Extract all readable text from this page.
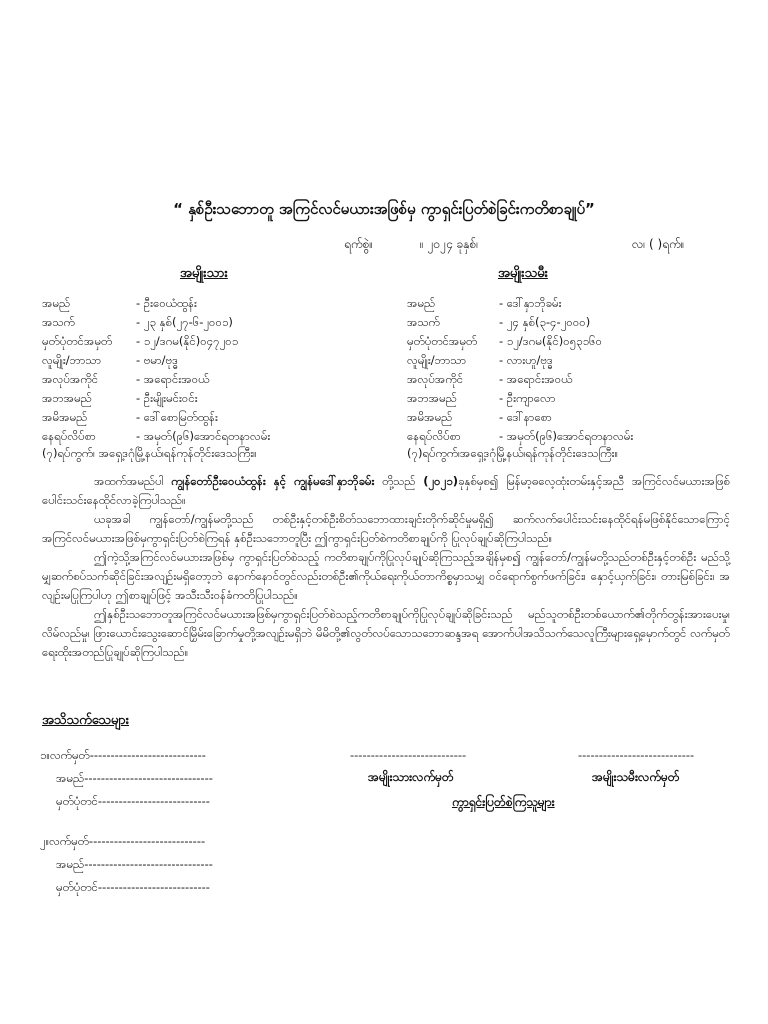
“ နှစ်ဦးသဘောတူ အကြင်လင်မယားအဖြစ်မှ ကွာရှင်းပြတ်စဲခြင်းကတိစာချုပ်”
ရက်စွဲ။	။ ၂၀၂၄ ခုနှစ်၊	လ၊ ( )ရက်။
အမျိုးသား	အမျိုးသမီး
အမည်	- ဦးဝေယံထွန်း
အသက်	- ၂၃ နှစ်(၂၇-၆-၂၀၀၁)
မှတ်ပုံတင်အမှတ် - ၁၂/ဒဂမ(နိုင်)၀၄၇၂၀၁
လူမျိုး/ဘာသာ	- ဗမာ/ဗုဒ္ဓ
အလုပ်အကိုင်	- အရောင်းအဝယ်
အဘအမည်	- ဦးမျိုးမင်းဝင်း
အမိအမည်	- ဒေါ်စောမြတ်ထွန်း
နေရပ်လိပ်စာ	- အမှတ်(၉၆)အောင်ရတနာလမ်း
(၇)ရပ်ကွက်၊ အရှေ့ဒဂုံမြို့နယ်၊ရန်ကုန်တိုင်းဒေသကြီး။
အမည်	- ဒေါ်နှာဘိုခမ်း
အသက်	- ၂၄ နှစ်(၃-၄-၂၀၀၀)
မှတ်ပုံတင်အမှတ် - ၁၂/ဒဂမ(နိုင်)၀၅၃၁၆၀
လူမျိုး/ဘာသာ	- လားဟူ/ဗုဒ္ဓ
အလုပ်အကိုင်	- အရောင်းအဝယ်
အဘအမည်	- ဦးကျာလော
အမိအမည်	- ဒေါ်နာစော
နေရပ်လိပ်စာ	- အမှတ်(၉၆)အောင်ရတနာလမ်း
(၇)ရပ်ကွက်၊အရှေ့ဒဂုံမြို့နယ်၊ရန်ကုန်တိုင်းဒေသကြီး။

အထက်အမည်ပါ ကျွန်တော်ဦးဝေယံထွန်း နှင့် ကျွန်မဒေါ်နှာဘိုခမ်း တို့သည် (၂၀၂၁)ခုနှစ်မှစ၍ မြန်မာ့ဓလေ့ထုံးတမ်းနှင့်အညီ အကြင်လင်မယားအဖြစ်ပေါင်းသင်းနေထိုင်လာခဲ့ကြပါသည်။

ယခုအခါ ကျွန်တော်/ကျွန်မတို့သည် တစ်ဦးနှင့်တစ်ဦးစိတ်သဘောထားချင်းတိုက်ဆိုင်မှုမရှိ၍ ဆက်လက်ပေါင်းသင်းနေထိုင်ရန်မဖြစ်နိုင်သောကြောင့် အကြင်လင်မယားအဖြစ်မှကွာရှင်းပြတ်စဲကြရန် နှစ်ဦးသဘောတူပြီး ဤကွာရှင်းပြတ်စဲကတိစာချုပ်ကို ပြုလုပ်ချုပ်ဆိုကြပါသည်။

ဤကဲ့သို့အကြင်လင်မယားအဖြစ်မှ ကွာရှင်းပြတ်စဲသည့် ကတိစာချုပ်ကိုပြုလုပ်ချုပ်ဆိုကြသည့်အချိန်မှစ၍ ကျွန်တော်/ကျွန်မတို့သည်တစ်ဦးနှင့်တစ်ဦး မည်သို့မျှဆက်စပ်သက်ဆိုင်ခြင်းအလျဉ်းမရှိတော့ဘဲ နောက်နောင်တွင်လည်းတစ်ဦး၏ကိုယ်ရေးကိုယ်တာကိစ္စမှာသမျှ ဝင်ရောက်စွက်ဖက်ခြင်း၊ နှောင့်ယှက်ခြင်း၊ တားမြစ်ခြင်း၊ အလျဉ်းမပြုကြပါဟု ဤစာချုပ်ဖြင့် အသီးသီးဝန်ခံကတိပြုပါသည်။

ဤနှစ်ဦးသဘောတူအကြင်လင်မယားအဖြစ်မှကွာရှင်းပြတ်စဲသည့်ကတိစာချုပ်ကိုပြုလုပ်ချုပ်ဆိုခြင်းသည် မည်သူတစ်ဦးတစ်ယောက်၏တိုက်တွန်းအားပေးမှု၊ လိမ်လည်မှု၊ ဖြားယောင်းသွေးဆောင်မြှိမ်းခြောက်မှုတို့အလျဉ်းမရှိဘဲ မိမိတို့၏လွတ်လပ်သောသဘောဆန္ဒအရ အောက်ပါအသိသက်သေလူကြီးများရှေ့မှောက်တွင် လက်မှတ်ရေးထိုးအတည်ပြုချုပ်ဆိုကြပါသည်။

အသိသက်သေများ
၁။လက်မှတ်----------------------------
အမည်-------------------------------
မှတ်ပုံတင်---------------------------
၂။လက်မှတ်----------------------------
အမည်-------------------------------
မှတ်ပုံတင်---------------------------
----------------------------
အမျိုးသားလက်မှတ်
----------------------------
အမျိုးသမီးလက်မှတ်
ကွာရှင်းပြတ်စဲကြသူများ
